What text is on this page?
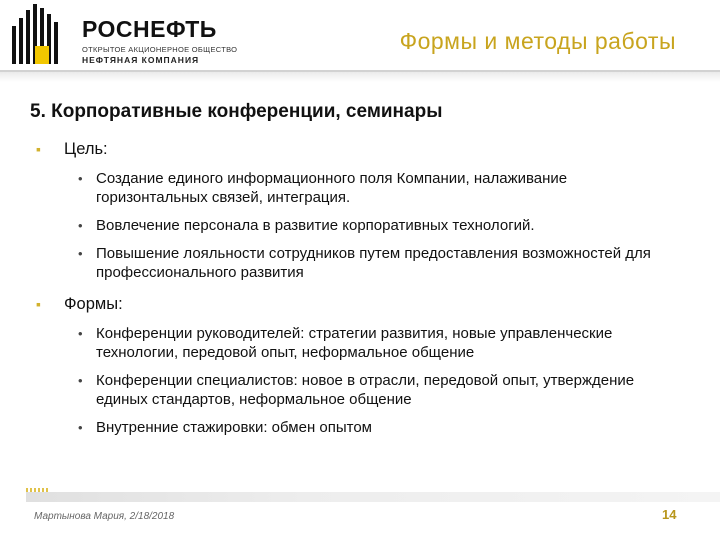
РОСНЕФТЬ
ОТКРЫТОЕ АКЦИОНЕРНОЕ ОБЩЕСТВО
НЕФТЯНАЯ КОМПАНИЯ
Формы и методы работы
5. Корпоративные конференции, семинары
▪ Цель:
• Создание единого информационного поля Компании, налаживание горизонтальных связей, интеграция.
• Вовлечение персонала в развитие корпоративных технологий.
• Повышение лояльности сотрудников путем предоставления возможностей для профессионального развития
▪ Формы:
• Конференции руководителей: стратегии развития, новые управленческие технологии, передовой опыт, неформальное общение
• Конференции специалистов: новое в отрасли, передовой опыт, утверждение единых стандартов, неформальное общение
• Внутренние стажировки: обмен опытом
Мартынова Мария, 2/18/2018	14
